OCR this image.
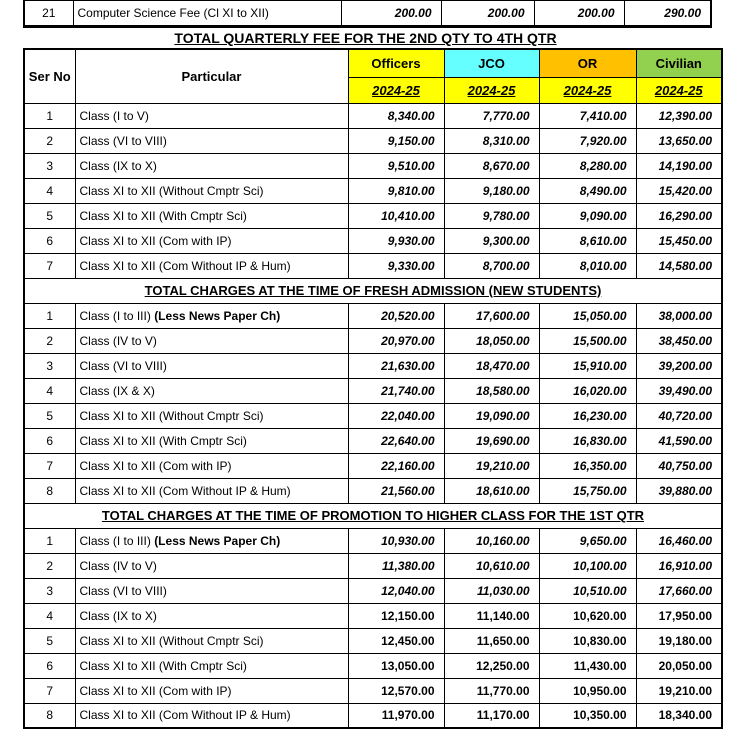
21	Computer Science Fee (Cl XI to XII)	200.00	200.00	200.00	290.00
TOTAL QUARTERLY FEE FOR THE 2ND QTY TO 4TH QTR
Ser No	Particular	Officers	JCO	OR	Civilian
		2024-25	2024-25	2024-25	2024-25
1	Class (I to V)	8,340.00	7,770.00	7,410.00	12,390.00
2	Class (VI to VIII)	9,150.00	8,310.00	7,920.00	13,650.00
3	Class (IX to X)	9,510.00	8,670.00	8,280.00	14,190.00
4	Class XI to XII (Without Cmptr Sci)	9,810.00	9,180.00	8,490.00	15,420.00
5	Class XI to XII (With Cmptr Sci)	10,410.00	9,780.00	9,090.00	16,290.00
6	Class XI to XII (Com with IP)	9,930.00	9,300.00	8,610.00	15,450.00
7	Class XI to XII (Com Without IP & Hum)	9,330.00	8,700.00	8,010.00	14,580.00
TOTAL CHARGES AT THE TIME OF FRESH ADMISSION (NEW STUDENTS)					
1	Class (I to III) (Less News Paper Ch)	20,520.00	17,600.00	15,050.00	38,000.00
2	Class (IV to V)	20,970.00	18,050.00	15,500.00	38,450.00
3	Class (VI to VIII)	21,630.00	18,470.00	15,910.00	39,200.00
4	Class (IX & X)	21,740.00	18,580.00	16,020.00	39,490.00
5	Class XI to XII (Without Cmptr Sci)	22,040.00	19,090.00	16,230.00	40,720.00
6	Class XI to XII (With Cmptr Sci)	22,640.00	19,690.00	16,830.00	41,590.00
7	Class XI to XII (Com with IP)	22,160.00	19,210.00	16,350.00	40,750.00
8	Class XI to XII (Com Without IP & Hum)	21,560.00	18,610.00	15,750.00	39,880.00
TOTAL CHARGES AT THE TIME OF PROMOTION TO HIGHER CLASS FOR THE 1ST QTR					
1	Class (I to III) (Less News Paper Ch)	10,930.00	10,160.00	9,650.00	16,460.00
2	Class (IV to V)	11,380.00	10,610.00	10,100.00	16,910.00
3	Class (VI to VIII)	12,040.00	11,030.00	10,510.00	17,660.00
4	Class (IX to X)	12,150.00	11,140.00	10,620.00	17,950.00
5	Class XI to XII (Without Cmptr Sci)	12,450.00	11,650.00	10,830.00	19,180.00
6	Class XI to XII (With Cmptr Sci)	13,050.00	12,250.00	11,430.00	20,050.00
7	Class XI to XII (Com with IP)	12,570.00	11,770.00	10,950.00	19,210.00
8	Class XI to XII (Com Without IP & Hum)	11,970.00	11,170.00	10,350.00	18,340.00
